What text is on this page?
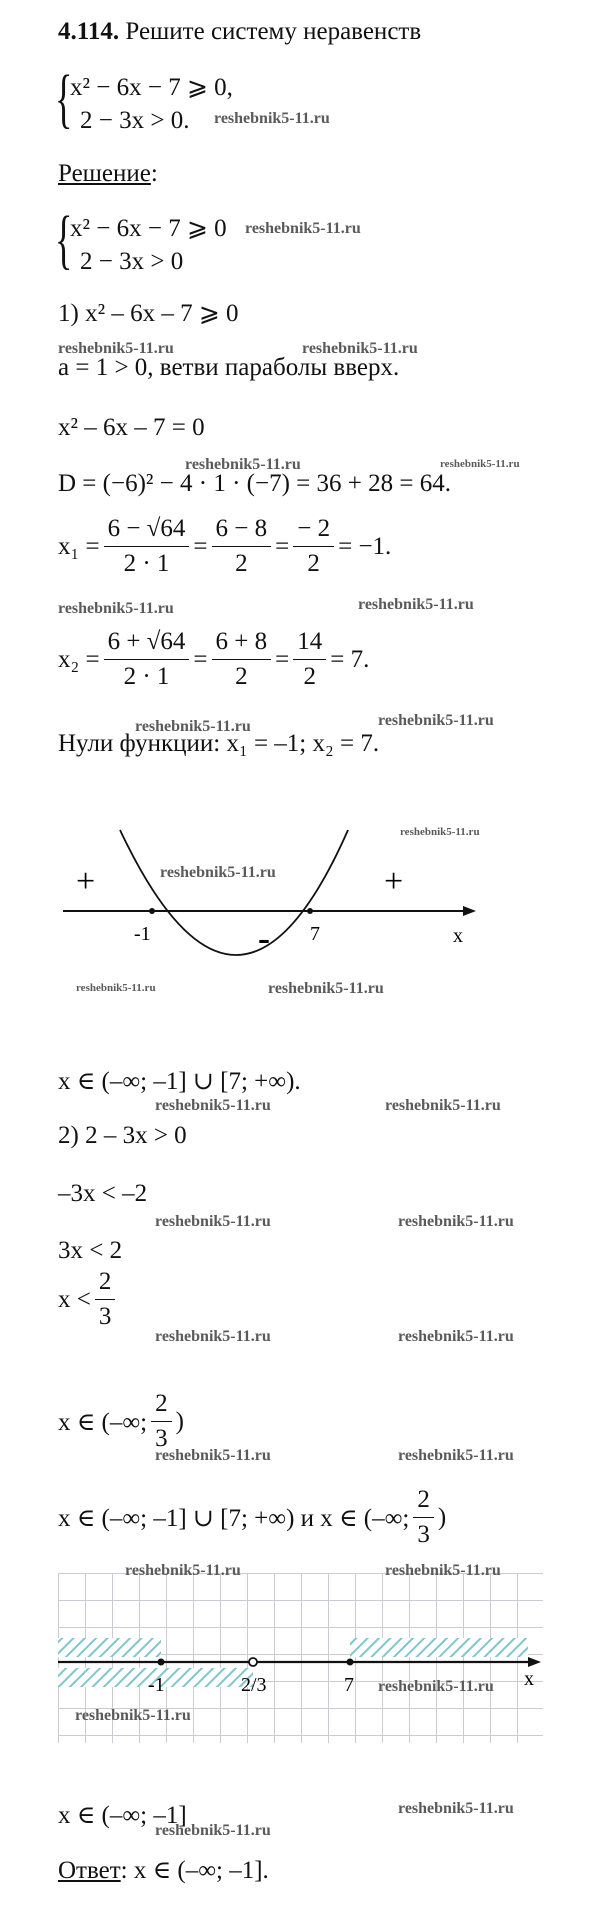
4.114. Решите систему неравенств
{
x² − 6x − 7 ⩾ 0,
2 − 3x > 0.
Решение:
{
x² − 6x − 7 ⩾ 0
2 − 3x > 0
1) x² – 6x – 7 ⩾ 0
a = 1 > 0, ветви параболы вверх.
x² – 6x – 7 = 0
D = (−6)² − 4 · 1 · (−7) = 36 + 28 = 64.
$x_1 = \frac{6 - √64}{2 \cdot 1} = \frac{6 - 8}{2} = \frac{- 2}{2} = -1$.
$x_2 = \frac{6 + √64}{2 \cdot 1} = \frac{6 + 8}{2} = \frac{14}{2} = 7$.
Нули функции: x₁ = –1; x₂ = 7.
+	+
-
-1	7	x
x ∈ (–∞; –1] ∪ [7; +∞).
2) 2 – 3x > 0
–3x < –2
3x < 2
$x < \frac{2}{3}$
x ∈ (–∞; $\frac{2}{3}$ )
x ∈ (–∞; –1] ∪ [7; +∞) и x ∈ (–∞; $\frac{2}{3}$ )
-1	2/3	7	x
x ∈ (–∞; –1]
Ответ: x ∈ (–∞; –1].
reshebnik5-11.ru
reshebnik5-11.ru
reshebnik5-11.ru	reshebnik5-11.ru
reshebnik5-11.ru	reshebnik5-11.ru
reshebnik5-11.ru	reshebnik5-11.ru
reshebnik5-11.ru	reshebnik5-11.ru
reshebnik5-11.ru
reshebnik5-11.ru
reshebnik5-11.ru	reshebnik5-11.ru
reshebnik5-11.ru	reshebnik5-11.ru
reshebnik5-11.ru	reshebnik5-11.ru
reshebnik5-11.ru	reshebnik5-11.ru
reshebnik5-11.ru	reshebnik5-11.ru
reshebnik5-11.ru	reshebnik5-11.ru
reshebnik5-11.ru
reshebnik5-11.ru
reshebnik5-11.ru
reshebnik5-11.ru
